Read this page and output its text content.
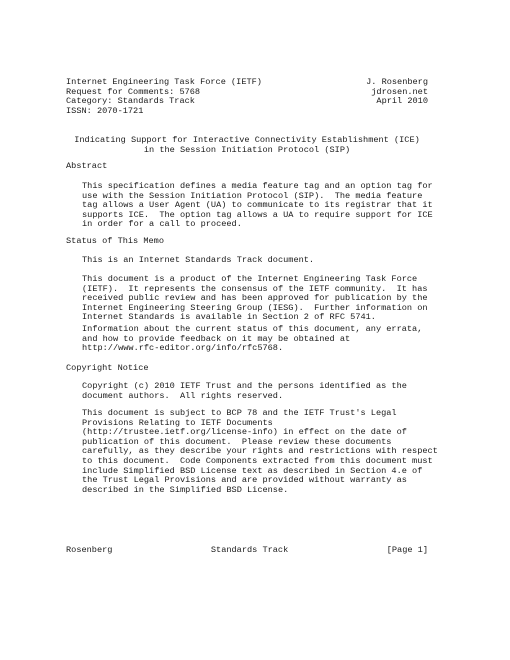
Internet Engineering Task Force (IETF)	J. Rosenberg
Request for Comments: 5768	jdrosen.net
Category: Standards Track	April 2010
ISSN: 2070-1721
Indicating Support for Interactive Connectivity Establishment (ICE)
in the Session Initiation Protocol (SIP)
Abstract
This specification defines a media feature tag and an option tag for
use with the Session Initiation Protocol (SIP).  The media feature
tag allows a User Agent (UA) to communicate to its registrar that it
supports ICE.  The option tag allows a UA to require support for ICE
in order for a call to proceed.
Status of This Memo
This is an Internet Standards Track document.
This document is a product of the Internet Engineering Task Force
(IETF).  It represents the consensus of the IETF community.  It has
received public review and has been approved for publication by the
Internet Engineering Steering Group (IESG).  Further information on
Internet Standards is available in Section 2 of RFC 5741.
Information about the current status of this document, any errata,
and how to provide feedback on it may be obtained at
http://www.rfc-editor.org/info/rfc5768.
Copyright Notice
Copyright (c) 2010 IETF Trust and the persons identified as the
document authors.  All rights reserved.
This document is subject to BCP 78 and the IETF Trust's Legal
Provisions Relating to IETF Documents
(http://trustee.ietf.org/license-info) in effect on the date of
publication of this document.  Please review these documents
carefully, as they describe your rights and restrictions with respect
to this document.  Code Components extracted from this document must
include Simplified BSD License text as described in Section 4.e of
the Trust Legal Provisions and are provided without warranty as
described in the Simplified BSD License.
Rosenberg	Standards Track	[Page 1]
